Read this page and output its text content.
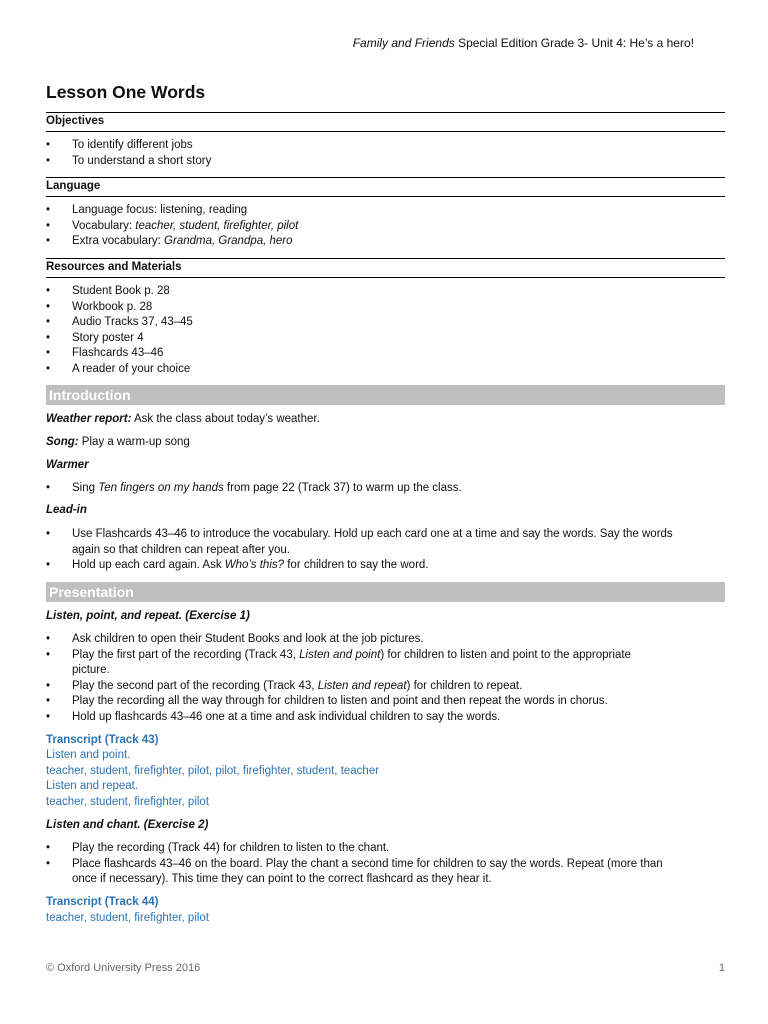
Family and Friends Special Edition Grade 3- Unit 4: He’s a hero!
Lesson One Words
Objectives
• To identify different jobs
• To understand a short story
Language
• Language focus: listening, reading
• Vocabulary: teacher, student, firefighter, pilot
• Extra vocabulary: Grandma, Grandpa, hero
Resources and Materials
• Student Book p. 28
• Workbook p. 28
• Audio Tracks 37, 43–45
• Story poster 4
• Flashcards 43–46
• A reader of your choice
Introduction
Weather report: Ask the class about today’s weather.
Song: Play a warm-up song
Warmer
• Sing Ten fingers on my hands from page 22 (Track 37) to warm up the class.
Lead-in
• Use Flashcards 43–46 to introduce the vocabulary. Hold up each card one at a time and say the words. Say the words
again so that children can repeat after you.
• Hold up each card again. Ask Who’s this? for children to say the word.
Presentation
Listen, point, and repeat. (Exercise 1)
• Ask children to open their Student Books and look at the job pictures.
• Play the first part of the recording (Track 43, Listen and point) for children to listen and point to the appropriate
picture.
• Play the second part of the recording (Track 43, Listen and repeat) for children to repeat.
• Play the recording all the way through for children to listen and point and then repeat the words in chorus.
• Hold up flashcards 43–46 one at a time and ask individual children to say the words.
Transcript (Track 43)
Listen and point.
teacher, student, firefighter, pilot, pilot, firefighter, student, teacher
Listen and repeat.
teacher, student, firefighter, pilot
Listen and chant. (Exercise 2)
• Play the recording (Track 44) for children to listen to the chant.
• Place flashcards 43–46 on the board. Play the chant a second time for children to say the words. Repeat (more than
once if necessary). This time they can point to the correct flashcard as they hear it.
Transcript (Track 44)
teacher, student, firefighter, pilot
© Oxford University Press 2016	1
